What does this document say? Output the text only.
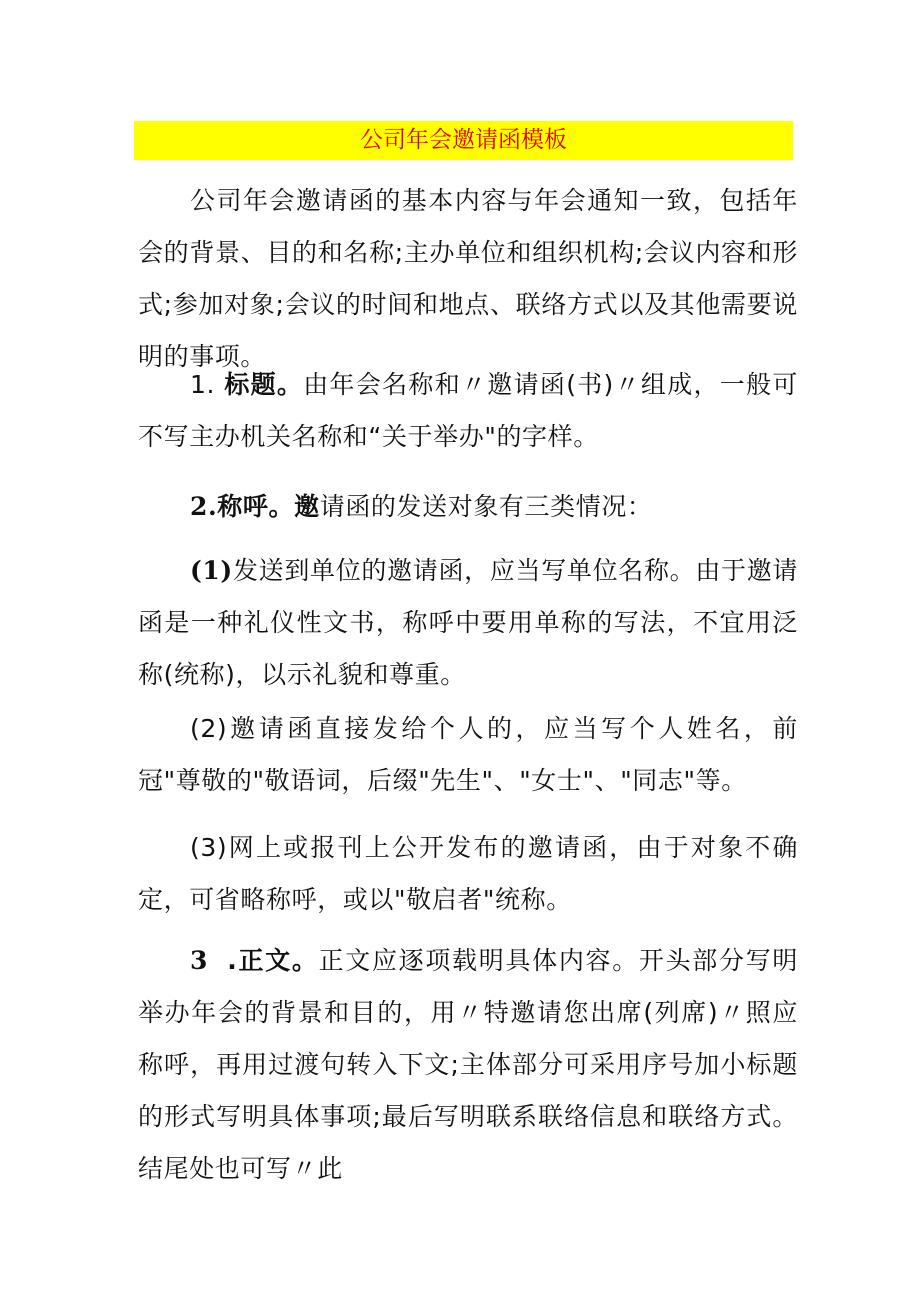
公司年会邀请函模板

公司年会邀请函的基本内容与年会通知一致，包括年会的背景、目的和名称;主办单位和组织机构;会议内容和形式;参加对象;会议的时间和地点、联络方式以及其他需要说明的事项。

1. 标题。由年会名称和〃邀请函(书)〃组成，一般可不写主办机关名称和“关于举办"的字样。

2.称呼。邀请函的发送对象有三类情况：

(1)发送到单位的邀请函，应当写单位名称。由于邀请函是一种礼仪性文书，称呼中要用单称的写法，不宜用泛称(统称)，以示礼貌和尊重。

(2)邀请函直接发给个人的，应当写个人姓名，前冠"尊敬的"敬语词，后缀"先生"、"女士"、"同志"等。

(3)网上或报刊上公开发布的邀请函，由于对象不确定，可省略称呼，或以"敬启者"统称。

3 .正文。正文应逐项载明具体内容。开头部分写明举办年会的背景和目的，用〃特邀请您出席(列席)〃照应称呼，再用过渡句转入下文;主体部分可采用序号加小标题的形式写明具体事项;最后写明联系联络信息和联络方式。结尾处也可写〃此
